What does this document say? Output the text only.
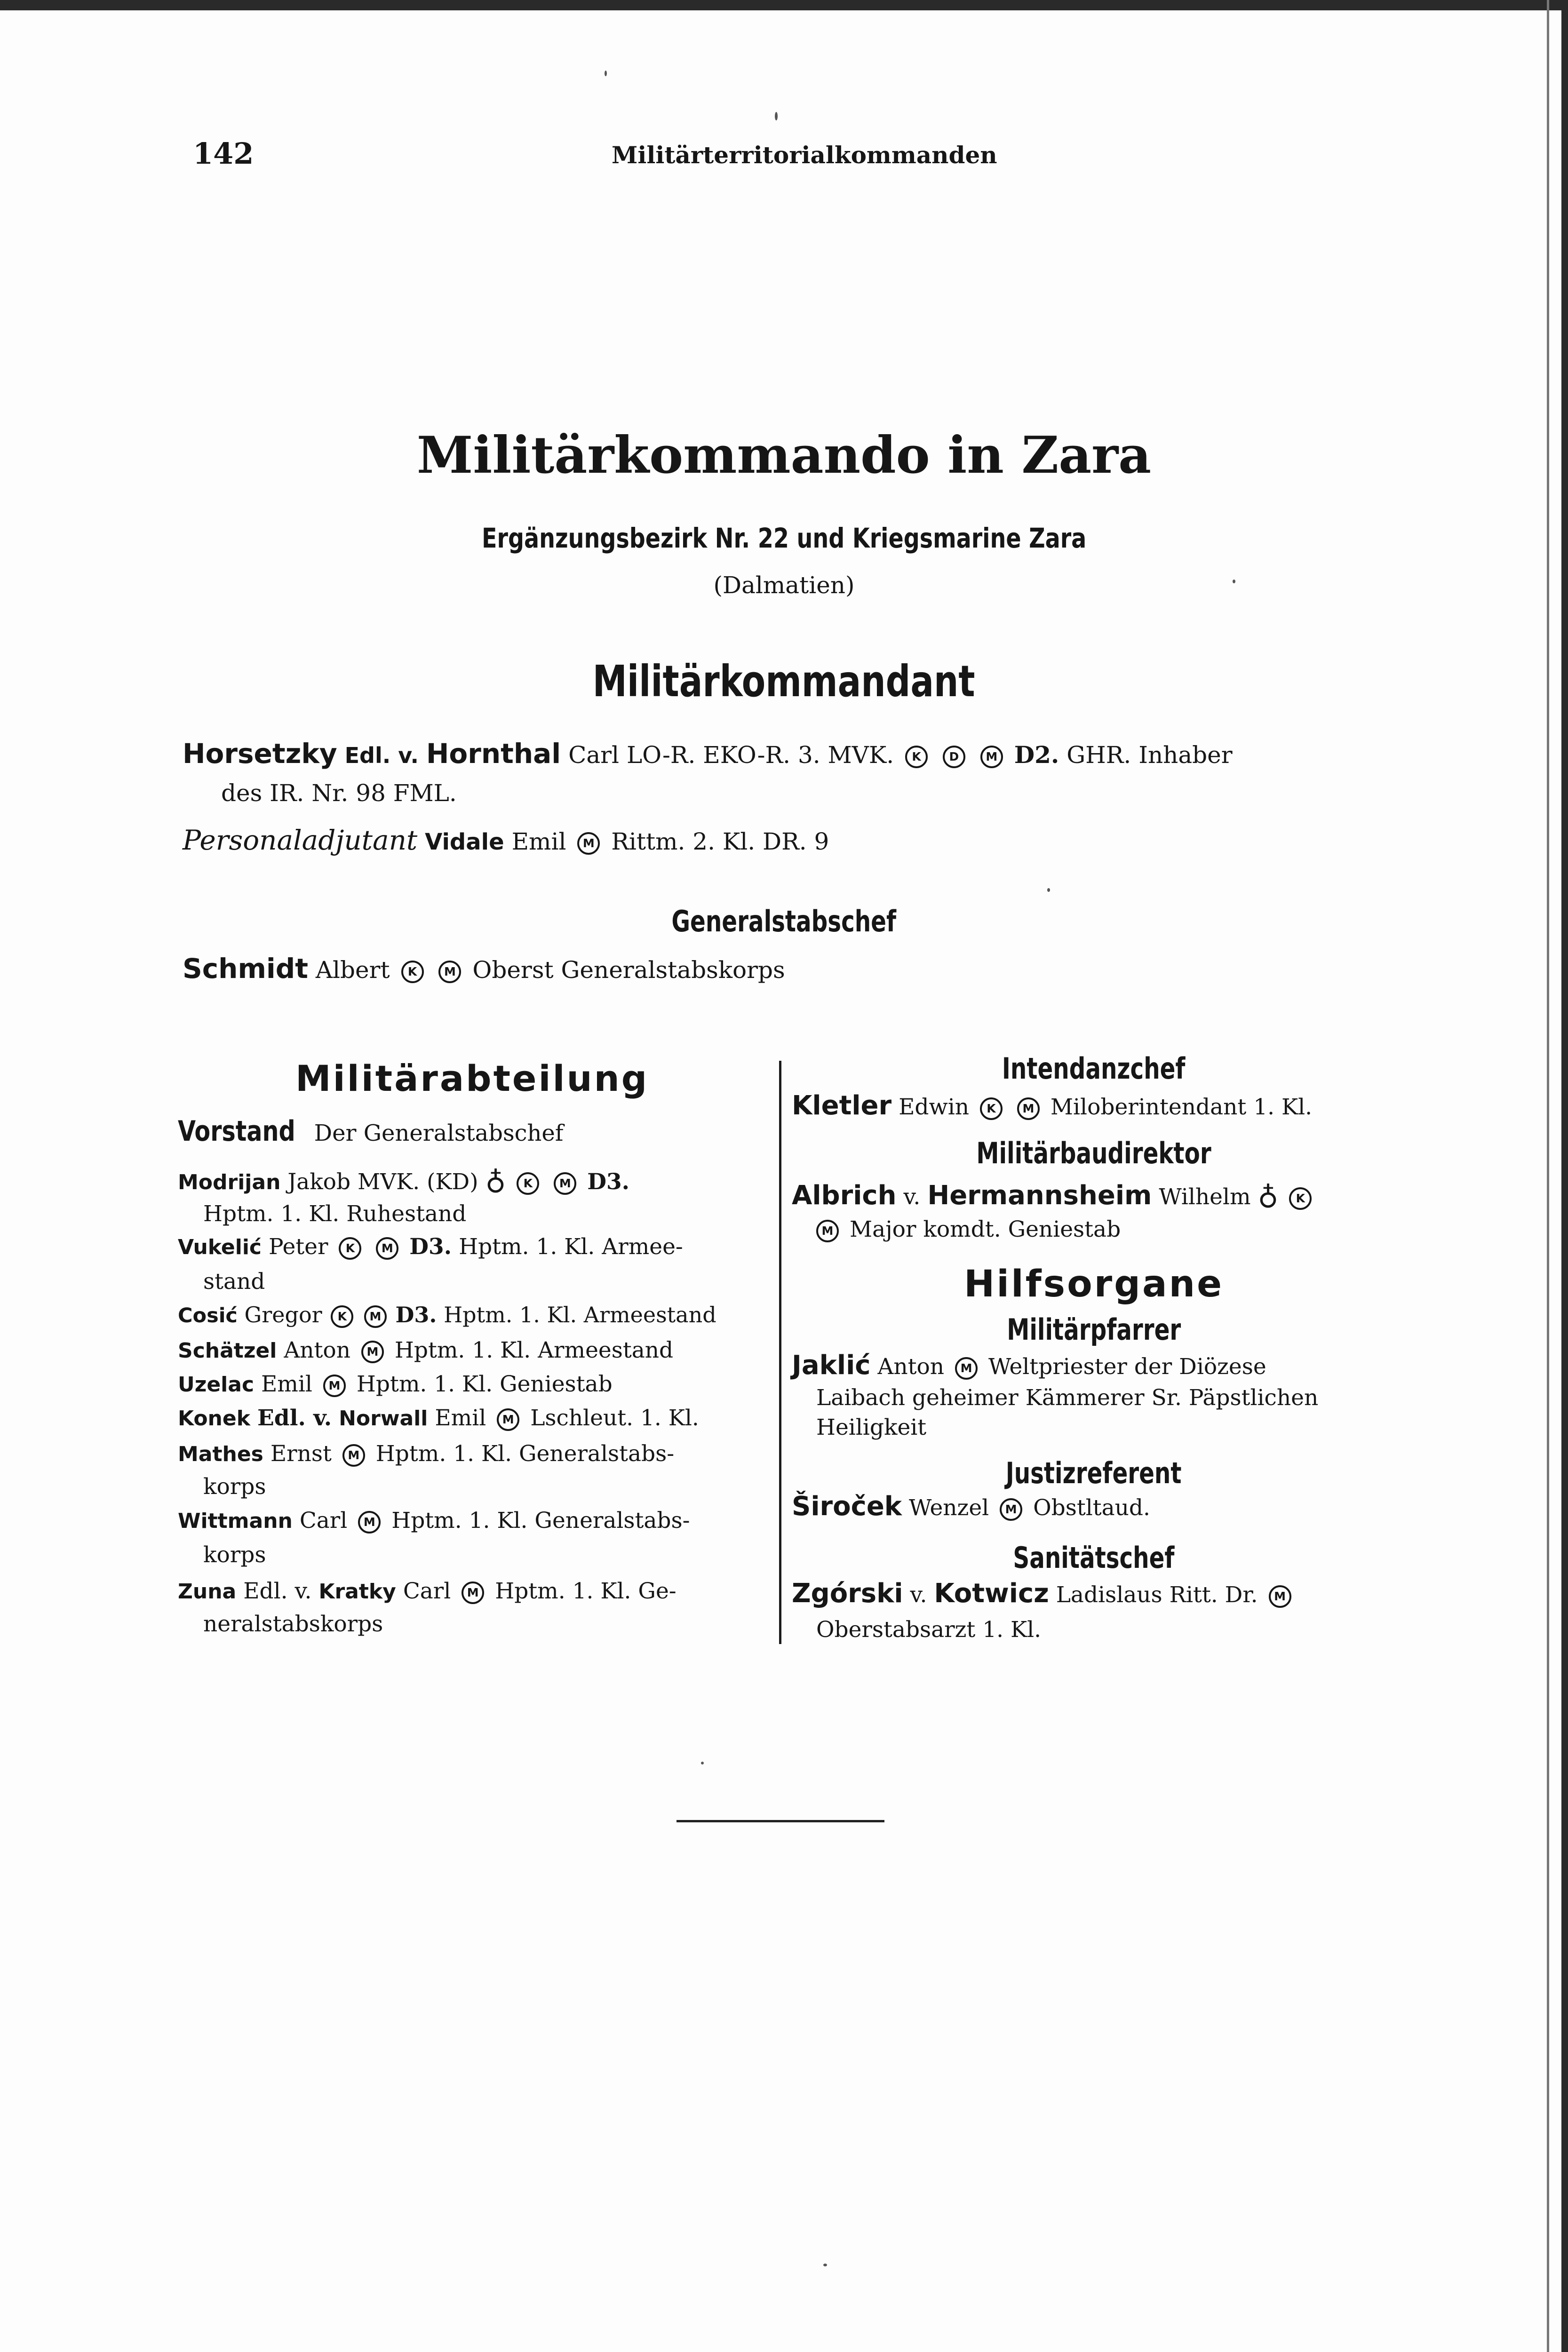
142	Militärterritorialkommanden
Militärkommando in Zara
Ergänzungsbezirk Nr. 22 und Kriegsmarine Zara
(Dalmatien)
Militärkommandant
Horsetzky Edl. v. Hornthal Carl LO-R. EKO-R. 3. MVK. K D M D2. GHR. Inhaber
des IR. Nr. 98 FML.
Personaladjutant Vidale Emil M Rittm. 2. Kl. DR. 9
Generalstabschef
Schmidt Albert K M Oberst Generalstabskorps
Militärabteilung
Vorstand Der Generalstabschef
Modrijan Jakob MVK. (KD) ♁ K M D3.
Hptm. 1. Kl. Ruhestand
Vukelić Peter K M D3. Hptm. 1. Kl. Armee-
stand
Cosić Gregor K M D3. Hptm. 1. Kl. Armeestand
Schätzel Anton M Hptm. 1. Kl. Armeestand
Uzelac Emil M Hptm. 1. Kl. Geniestab
Konek Edl. v. Norwall Emil M Lschleut. 1. Kl.
Mathes Ernst M Hptm. 1. Kl. Generalstabs-
korps
Wittmann Carl M Hptm. 1. Kl. Generalstabs-
korps
Zuna Edl. v. Kratky Carl M Hptm. 1. Kl. Ge-
neralstabskorps
Intendanzchef
Kletler Edwin K M Miloberintendant 1. Kl.
Militärbaudirektor
Albrich v. Hermannsheim Wilhelm ♁ K
M Major komdt. Geniestab
Hilfsorgane
Militärpfarrer
Jaklić Anton M Weltpriester der Diözese
Laibach geheimer Kämmerer Sr. Päpstlichen
Heiligkeit
Justizreferent
Široček Wenzel M Obstltaud.
Sanitätschef
Zgórski v. Kotwicz Ladislaus Ritt. Dr. M
Oberstabsarzt 1. Kl.
